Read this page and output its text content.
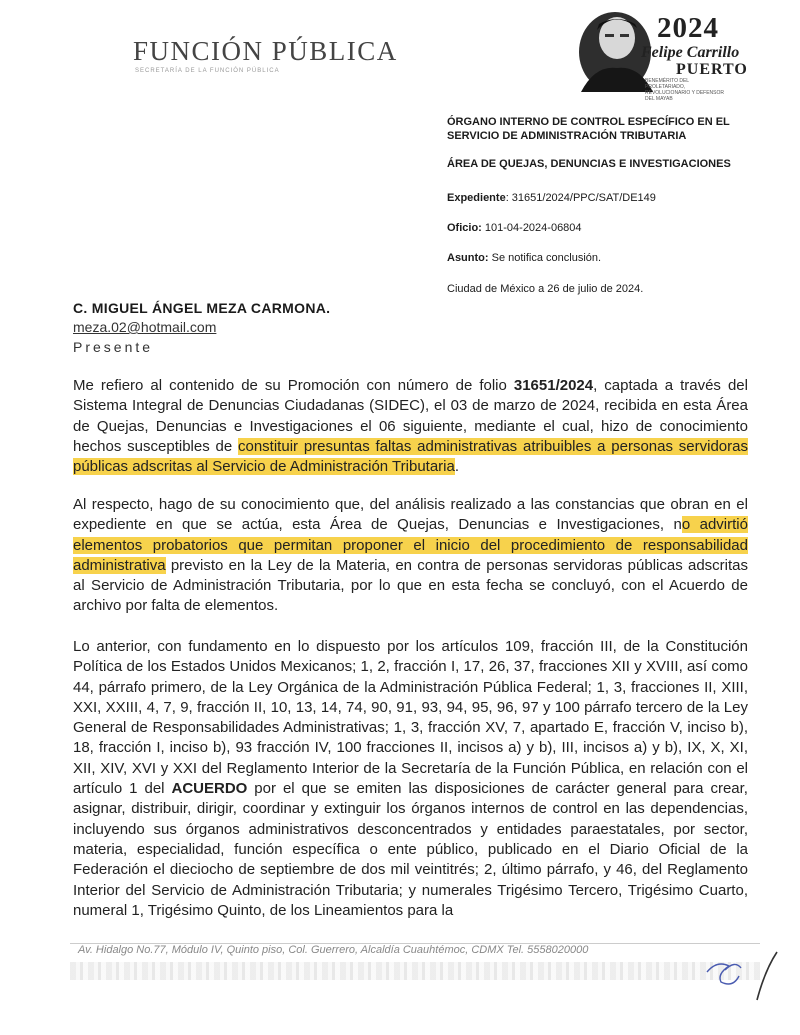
FUNCIÓN PÚBLICA
SECRETARÍA DE LA FUNCIÓN PÚBLICA
2024
Felipe Carrillo
PUERTO
BENEMÉRITO DEL PROLETARIADO, REVOLUCIONARIO Y DEFENSOR DEL MAYAB
ÓRGANO INTERNO DE CONTROL ESPECÍFICO EN EL SERVICIO DE ADMINISTRACIÓN TRIBUTARIA
ÁREA DE QUEJAS, DENUNCIAS E INVESTIGACIONES
Expediente: 31651/2024/PPC/SAT/DE149
Oficio: 101-04-2024-06804
Asunto: Se notifica conclusión.
Ciudad de México a 26 de julio de 2024.
C. MIGUEL ÁNGEL MEZA CARMONA.
meza.02@hotmail.com
Presente
Me refiero al contenido de su Promoción con número de folio 31651/2024, captada a través del Sistema Integral de Denuncias Ciudadanas (SIDEC), el 03 de marzo de 2024, recibida en esta Área de Quejas, Denuncias e Investigaciones el 06 siguiente, mediante el cual, hizo de conocimiento hechos susceptibles de constituir presuntas faltas administrativas atribuibles a personas servidoras públicas adscritas al Servicio de Administración Tributaria.
Al respecto, hago de su conocimiento que, del análisis realizado a las constancias que obran en el expediente en que se actúa, esta Área de Quejas, Denuncias e Investigaciones, no advirtió elementos probatorios que permitan proponer el inicio del procedimiento de responsabilidad administrativa previsto en la Ley de la Materia, en contra de personas servidoras públicas adscritas al Servicio de Administración Tributaria, por lo que en esta fecha se concluyó, con el Acuerdo de archivo por falta de elementos.
Lo anterior, con fundamento en lo dispuesto por los artículos 109, fracción III, de la Constitución Política de los Estados Unidos Mexicanos; 1, 2, fracción I, 17, 26, 37, fracciones XII y XVIII, así como 44, párrafo primero, de la Ley Orgánica de la Administración Pública Federal; 1, 3, fracciones II, XIII, XXI, XXIII, 4, 7, 9, fracción II, 10, 13, 14, 74, 90, 91, 93, 94, 95, 96, 97 y 100 párrafo tercero de la Ley General de Responsabilidades Administrativas; 1, 3, fracción XV, 7, apartado E, fracción V, inciso b), 18, fracción I, inciso b), 93 fracción IV, 100 fracciones II, incisos a) y b), III, incisos a) y b), IX, X, XI, XII, XIV, XVI y XXI del Reglamento Interior de la Secretaría de la Función Pública, en relación con el artículo 1 del ACUERDO por el que se emiten las disposiciones de carácter general para crear, asignar, distribuir, dirigir, coordinar y extinguir los órganos internos de control en las dependencias, incluyendo sus órganos administrativos desconcentrados y entidades paraestatales, por sector, materia, especialidad, función específica o ente público, publicado en el Diario Oficial de la Federación el dieciocho de septiembre de dos mil veintitrés; 2, último párrafo, y 46, del Reglamento Interior del Servicio de Administración Tributaria; y numerales Trigésimo Tercero, Trigésimo Cuarto, numeral 1, Trigésimo Quinto, de los Lineamientos para la
Av. Hidalgo No.77, Módulo IV, Quinto piso, Col. Guerrero, Alcaldía Cuauhtémoc, CDMX Tel. 5558020000
